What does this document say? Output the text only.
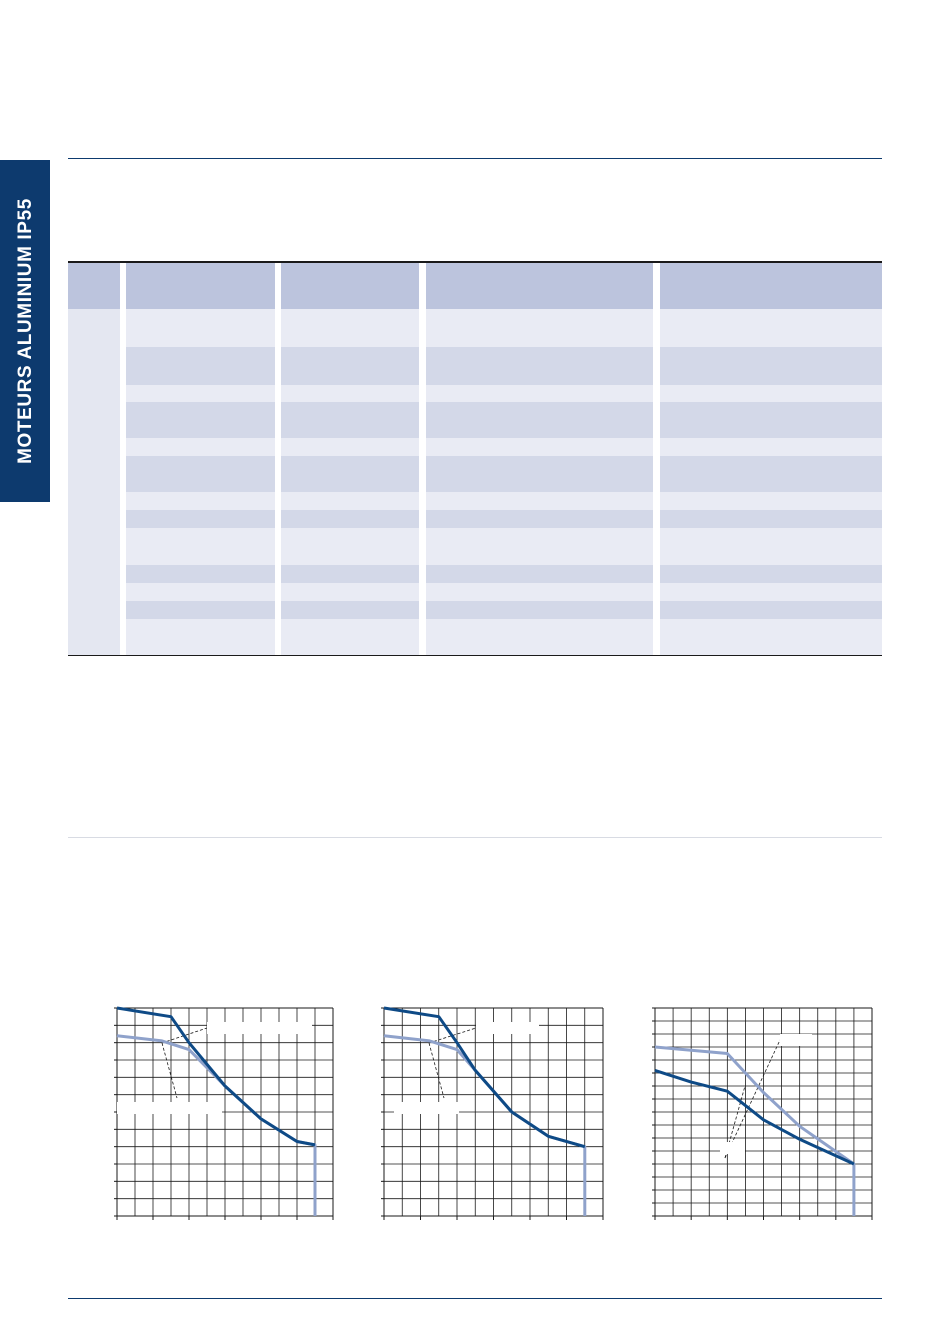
MOTEURS ALUMINIUM IP55
